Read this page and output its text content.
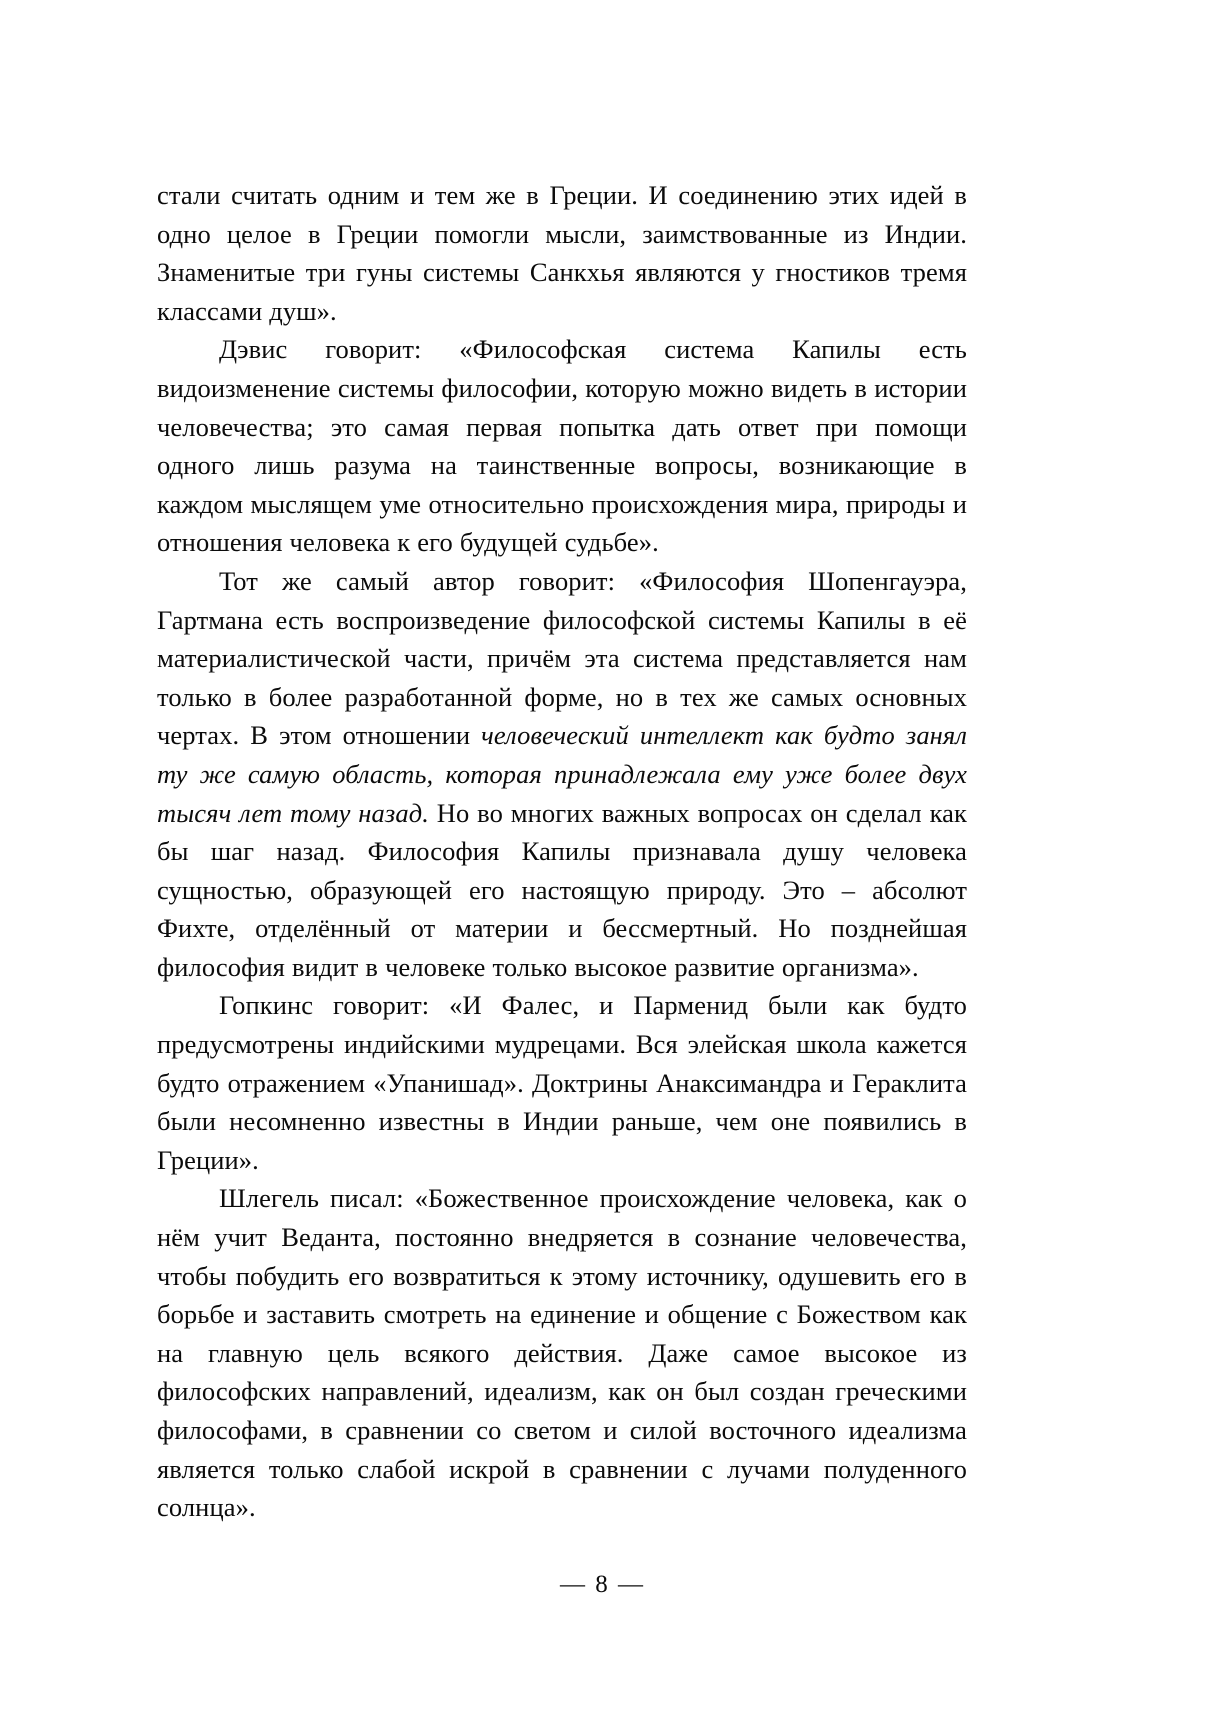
стали считать одним и тем же в Греции. И соединению этих идей в одно целое в Греции помогли мысли, заимствованные из Индии. Знаменитые три гуны системы Санкхья являются у гностиков тремя классами душ».

Дэвис говорит: «Философская система Капилы есть видоизменение системы философии, которую можно видеть в истории человечества; это самая первая попытка дать ответ при помощи одного лишь разума на таинственные вопросы, возникающие в каждом мыслящем уме относительно происхождения мира, природы и отношения человека к его будущей судьбе».

Тот же самый автор говорит: «Философия Шопенгауэра, Гартмана есть воспроизведение философской системы Капилы в её материалистической части, причём эта система представляется нам только в более разработанной форме, но в тех же самых основных чертах. В этом отношении человеческий интеллект как будто занял ту же самую область, которая принадлежала ему уже более двух тысяч лет тому назад. Но во многих важных вопросах он сделал как бы шаг назад. Философия Капилы признавала душу человека сущностью, образующей его настоящую природу. Это – абсолют Фихте, отделённый от материи и бессмертный. Но позднейшая философия видит в человеке только высокое развитие организма».

Гопкинс говорит: «И Фалес, и Парменид были как будто предусмотрены индийскими мудрецами. Вся элейская школа кажется будто отражением «Упанишад». Доктрины Анаксимандра и Гераклита были несомненно известны в Индии раньше, чем оне появились в Греции».

Шлегель писал: «Божественное происхождение человека, как о нём учит Веданта, постоянно внедряется в сознание человечества, чтобы побудить его возвратиться к этому источнику, одушевить его в борьбе и заставить смотреть на единение и общение с Божеством как на главную цель всякого действия. Даже самое высокое из философских направлений, идеализм, как он был создан греческими философами, в сравнении со светом и силой восточного идеализма является только слабой искрой в сравнении с лучами полуденного солнца».

— 8 —
